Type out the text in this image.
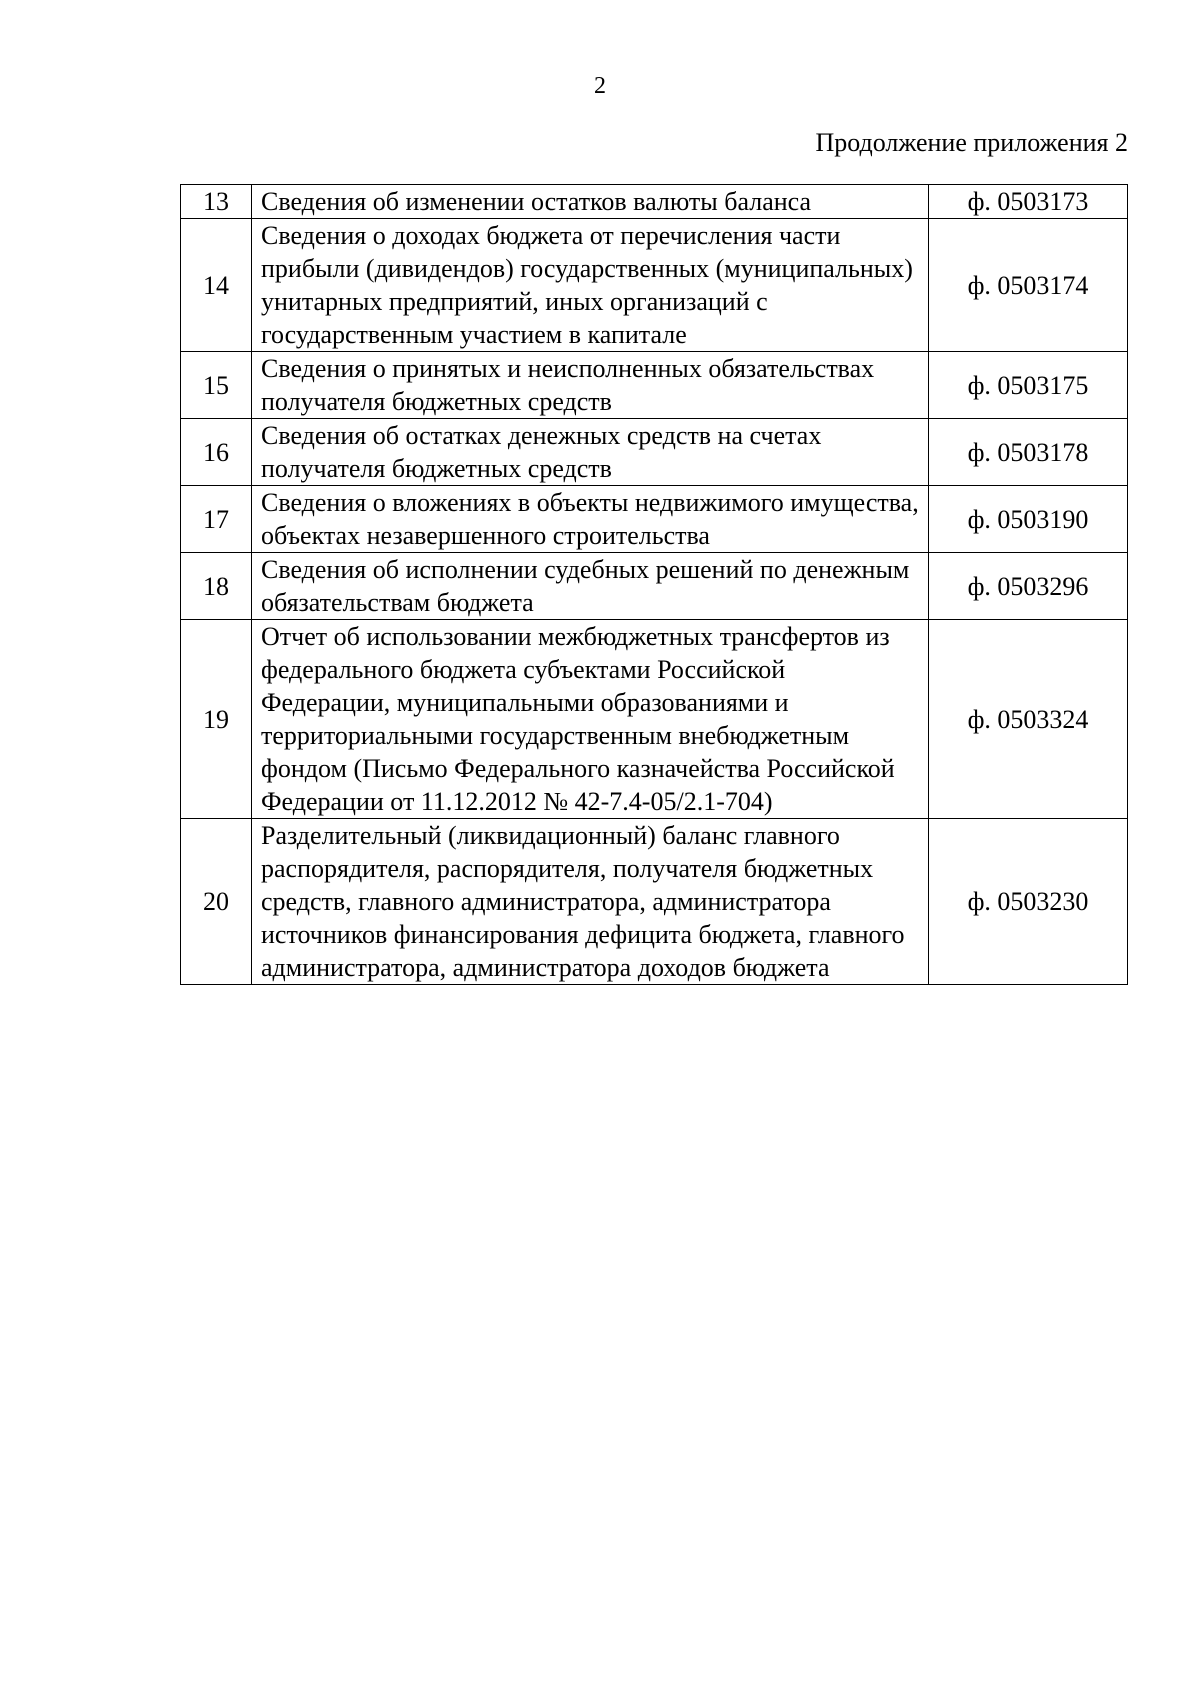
2
Продолжение приложения 2
13	Сведения об изменении остатков валюты баланса	ф. 0503173
14	Сведения о доходах бюджета от перечисления части прибыли (дивидендов) государственных (муниципальных) унитарных предприятий, иных организаций с государственным участием в капитале	ф. 0503174
15	Сведения о принятых и неисполненных обязательствах получателя бюджетных средств	ф. 0503175
16	Сведения об остатках денежных средств на счетах получателя бюджетных средств	ф. 0503178
17	Сведения о вложениях в объекты недвижимого имущества, объектах незавершенного строительства	ф. 0503190
18	Сведения об исполнении судебных решений по денежным обязательствам бюджета	ф. 0503296
19	Отчет об использовании межбюджетных трансфертов из федерального бюджета субъектами Российской Федерации, муниципальными образованиями и территориальными государственным внебюджетным фондом (Письмо Федерального казначейства Российской Федерации от 11.12.2012 № 42-7.4-05/2.1-704)	ф. 0503324
20	Разделительный (ликвидационный) баланс главного распорядителя, распорядителя, получателя бюджетных средств, главного администратора, администратора источников финансирования дефицита бюджета, главного администратора, администратора доходов бюджета	ф. 0503230
